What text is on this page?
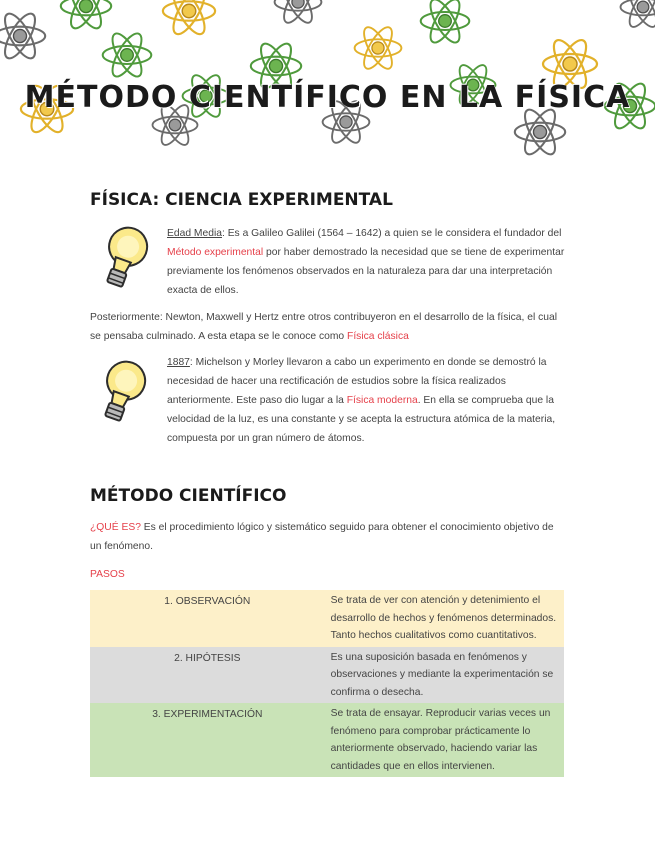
MÉTODO CIENTÍFICO EN LA FÍSICA
FÍSICA: CIENCIA EXPERIMENTAL
Edad Media: Es a Galileo Galilei (1564 – 1642) a quien se le considera el fundador del Método experimental por haber demostrado la necesidad que se tiene de experimentar previamente los fenómenos observados en la naturaleza para dar una interpretación exacta de ellos.
Posteriormente: Newton, Maxwell y Hertz entre otros contribuyeron en el desarrollo de la física, el cual se pensaba culminado. A esta etapa se le conoce como Física clásica
1887: Michelson y Morley llevaron a cabo un experimento en donde se demostró la necesidad de hacer una rectificación de estudios sobre la física realizados anteriormente. Este paso dio lugar a la Física moderna. En ella se comprueba que la velocidad de la luz, es una constante y se acepta la estructura atómica de la materia, compuesta por un gran número de átomos.
MÉTODO CIENTÍFICO
¿QUÉ ES? Es el procedimiento lógico y sistemático seguido para obtener el conocimiento objetivo de un fenómeno.
PASOS
1. OBSERVACIÓN	Se trata de ver con atención y detenimiento el desarrollo de hechos y fenómenos determinados. Tanto hechos cualitativos como cuantitativos.
2. HIPÓTESIS	Es una suposición basada en fenómenos y observaciones y mediante la experimentación se confirma o desecha.
3. EXPERIMENTACIÓN	Se trata de ensayar. Reproducir varias veces un fenómeno para comprobar prácticamente lo anteriormente observado, haciendo variar las cantidades que en ellos intervienen.
